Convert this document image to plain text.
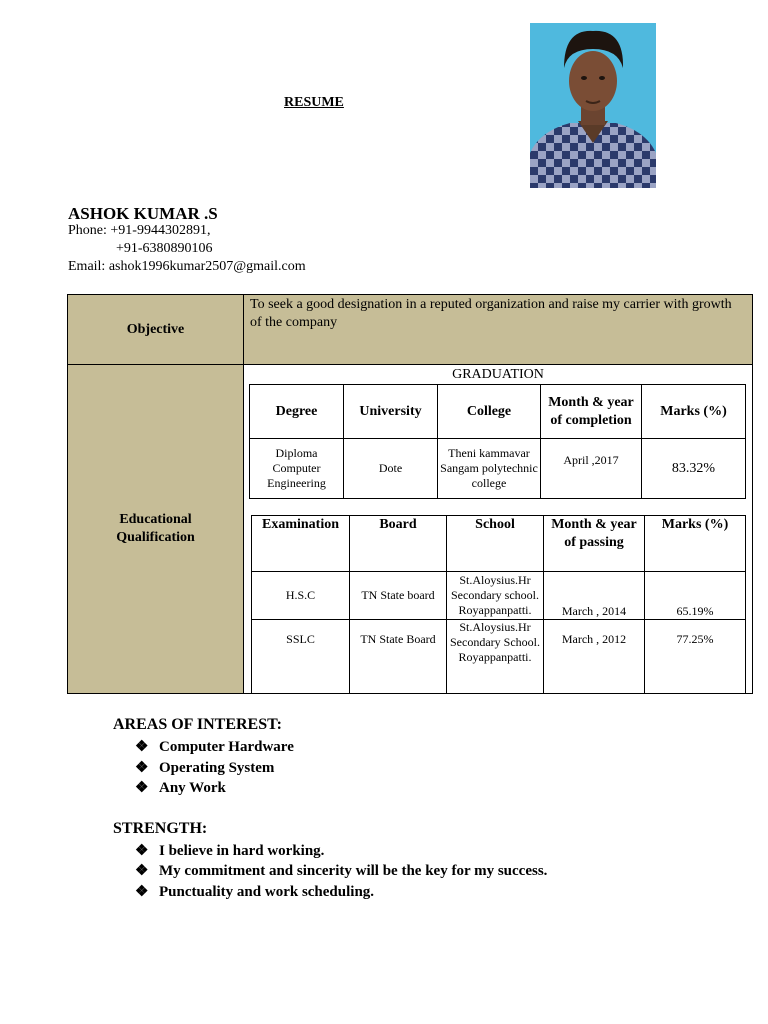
RESUME
ASHOK KUMAR .S
Phone: +91-9944302891,
+91-6380890106
Email: ashok1996kumar2507@gmail.com
Objective
To seek a good designation in a reputed organization and raise my carrier with growth of the company
Educational Qualification
GRADUATION
Degree	University	College	Month & year of completion	Marks (%)
Diploma Computer Engineering	Dote	Theni kammavar Sangam polytechnic college	April ,2017	83.32%
Examination	Board	School	Month & year of passing	Marks (%)
H.S.C	TN State board	St.Aloysius.Hr Secondary school. Royappanpatti.	March , 2014	65.19%
SSLC	TN State Board	St.Aloysius.Hr Secondary School. Royappanpatti.	March , 2012	77.25%
AREAS OF INTEREST:
❖ Computer Hardware
❖ Operating System
❖ Any Work
STRENGTH:
❖ I believe in hard working.
❖ My commitment and sincerity will be the key for my success.
❖ Punctuality and work scheduling.
